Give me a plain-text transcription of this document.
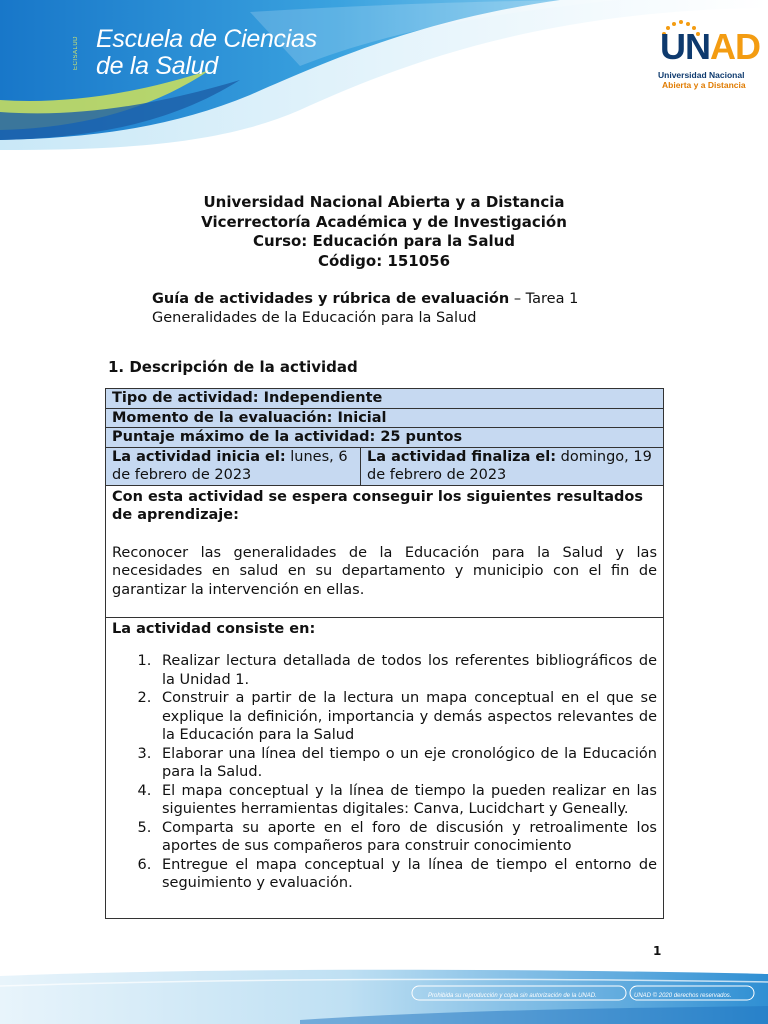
ECISALUD Escuela de Ciencias
de la Salud	UNAD
Universidad Nacional
Abierta y a Distancia
Universidad Nacional Abierta y a Distancia
Vicerrectoría Académica y de Investigación
Curso: Educación para la Salud
Código: 151056
Guía de actividades y rúbrica de evaluación – Tarea 1
Generalidades de la Educación para la Salud
1. Descripción de la actividad
Tipo de actividad: Independiente
Momento de la evaluación: Inicial
Puntaje máximo de la actividad: 25 puntos
La actividad inicia el: lunes, 6 de febrero de 2023	La actividad finaliza el: domingo, 19 de febrero de 2023

Con esta actividad se espera conseguir los siguientes resultados de aprendizaje:
Reconocer las generalidades de la Educación para la Salud y las necesidades en salud en su departamento y municipio con el fin de garantizar la intervención en ellas.

La actividad consiste en:
1. Realizar lectura detallada de todos los referentes bibliográficos de la Unidad 1.
2. Construir a partir de la lectura un mapa conceptual en el que se explique la definición, importancia y demás aspectos relevantes de la Educación para la Salud
3. Elaborar una línea del tiempo o un eje cronológico de la Educación para la Salud.
4. El mapa conceptual y la línea de tiempo la pueden realizar en las siguientes herramientas digitales: Canva, Lucidchart y Geneally.
5. Comparta su aporte en el foro de discusión y retroalimente los aportes de sus compañeros para construir conocimiento
6. Entregue el mapa conceptual y la línea de tiempo el entorno de seguimiento y evaluación.
1
Prohibida su reproducción y copia sin autorización de la UNAD.	UNAD © 2020 derechos reservados.
